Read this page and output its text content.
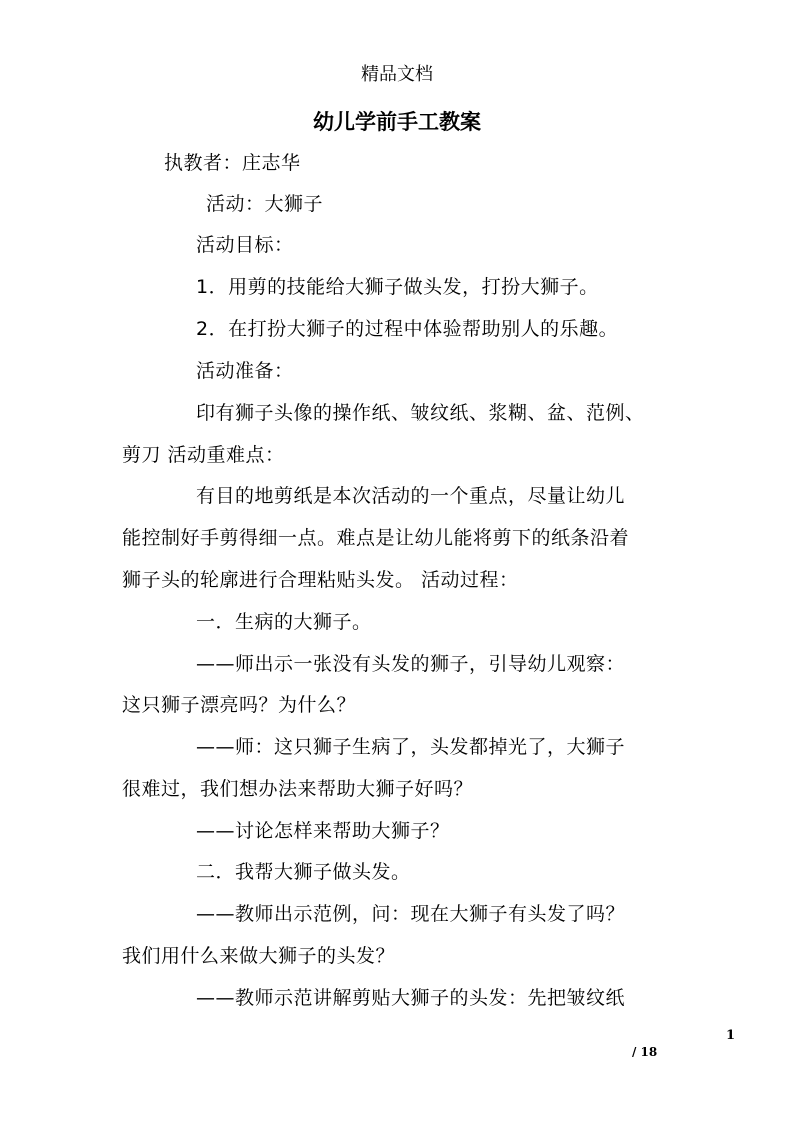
精品文档
幼儿学前手工教案
执教者：庄志华
活动：大狮子
活动目标：
1．用剪的技能给大狮子做头发，打扮大狮子。
2．在打扮大狮子的过程中体验帮助别人的乐趣。
活动准备：
印有狮子头像的操作纸、皱纹纸、浆糊、盆、范例、
剪刀 活动重难点：
有目的地剪纸是本次活动的一个重点，尽量让幼儿
能控制好手剪得细一点。难点是让幼儿能将剪下的纸条沿着
狮子头的轮廓进行合理粘贴头发。 活动过程：
一．生病的大狮子。
——师出示一张没有头发的狮子，引导幼儿观察：
这只狮子漂亮吗？为什么？
——师：这只狮子生病了，头发都掉光了，大狮子
很难过，我们想办法来帮助大狮子好吗？
——讨论怎样来帮助大狮子？
二．我帮大狮子做头发。
——教师出示范例，问：现在大狮子有头发了吗？
我们用什么来做大狮子的头发？
——教师示范讲解剪贴大狮子的头发：先把皱纹纸
1
/ 18
